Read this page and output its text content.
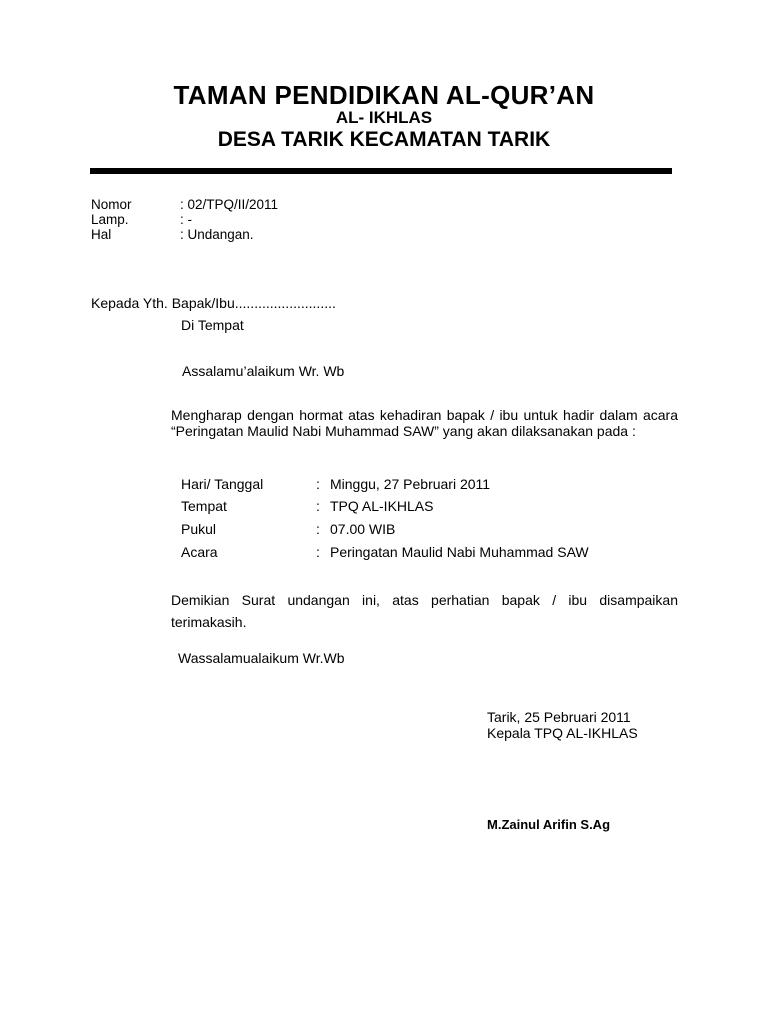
TAMAN PENDIDIKAN AL-QUR’AN
AL- IKHLAS
DESA TARIK KECAMATAN TARIK
Nomor	: 02/TPQ/II/2011
Lamp.	: -
Hal	: Undangan.
Kepada Yth. Bapak/Ibu..........................
Di Tempat
Assalamu’alaikum Wr. Wb
Mengharap dengan hormat atas kehadiran bapak / ibu untuk hadir dalam acara “Peringatan Maulid Nabi Muhammad SAW” yang akan dilaksanakan pada :
Hari/ Tanggal	: Minggu, 27 Pebruari 2011
Tempat	: TPQ AL-IKHLAS
Pukul	: 07.00 WIB
Acara	: Peringatan Maulid Nabi Muhammad SAW
Demikian Surat undangan ini, atas perhatian bapak / ibu disampaikan terimakasih.
Wassalamualaikum Wr.Wb
Tarik, 25 Pebruari 2011
Kepala TPQ AL-IKHLAS
M.Zainul Arifin S.Ag
